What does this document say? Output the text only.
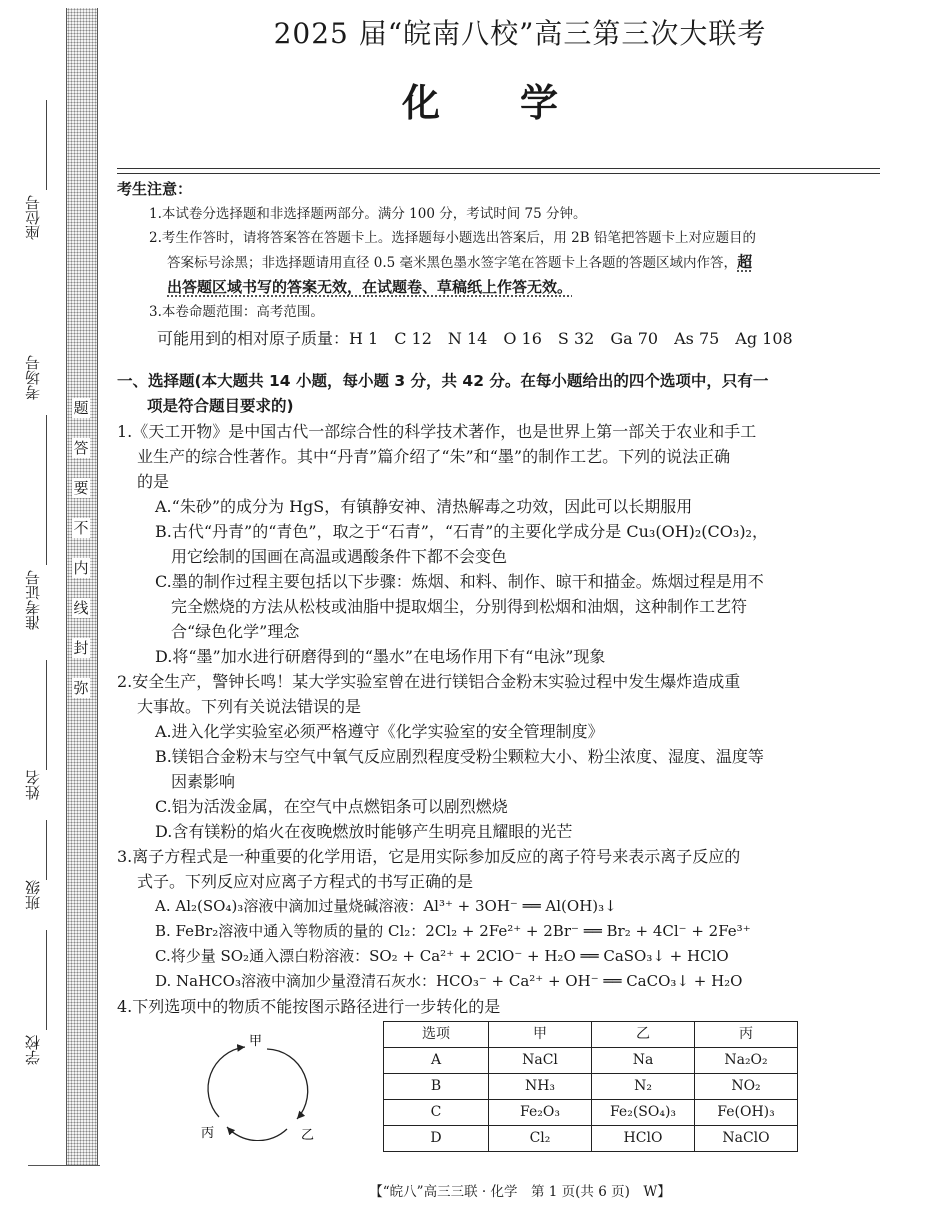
座位号
考场号
准考证号
姓名
班级
学校
题
答
要
不
内
线
封
弥
2025 届“皖南八校”高三第三次大联考
化学
考生注意：
1.本试卷分选择题和非选择题两部分。满分 100 分，考试时间 75 分钟。
2.考生作答时，请将答案答在答题卡上。选择题每小题选出答案后，用 2B 铅笔把答题卡上对应题目的
答案标号涂黑；非选择题请用直径 0.5 毫米黑色墨水签字笔在答题卡上各题的答题区域内作答，超
出答题区域书写的答案无效，在试题卷、草稿纸上作答无效。
3.本卷命题范围：高考范围。
可能用到的相对原子质量：H 1　C 12　N 14　O 16　S 32　Ga 70　As 75　Ag 108
一、选择题(本大题共 14 小题，每小题 3 分，共 42 分。在每小题给出的四个选项中，只有一
项是符合题目要求的)
1.《天工开物》是中国古代一部综合性的科学技术著作，也是世界上第一部关于农业和手工
业生产的综合性著作。其中“丹青”篇介绍了“朱”和“墨”的制作工艺。下列的说法正确
的是
A.“朱砂”的成分为 HgS，有镇静安神、清热解毒之功效，因此可以长期服用
B.古代“丹青”的“青色”，取之于“石青”，“石青”的主要化学成分是 Cu₃(OH)₂(CO₃)₂，
用它绘制的国画在高温或遇酸条件下都不会变色
C.墨的制作过程主要包括以下步骤：炼烟、和料、制作、晾干和描金。炼烟过程是用不
完全燃烧的方法从松枝或油脂中提取烟尘，分别得到松烟和油烟，这种制作工艺符
合“绿色化学”理念
D.将“墨”加水进行研磨得到的“墨水”在电场作用下有“电泳”现象
2.安全生产，警钟长鸣！某大学实验室曾在进行镁铝合金粉末实验过程中发生爆炸造成重
大事故。下列有关说法错误的是
A.进入化学实验室必须严格遵守《化学实验室的安全管理制度》
B.镁铝合金粉末与空气中氧气反应剧烈程度受粉尘颗粒大小、粉尘浓度、湿度、温度等
因素影响
C.铝为活泼金属，在空气中点燃铝条可以剧烈燃烧
D.含有镁粉的焰火在夜晚燃放时能够产生明亮且耀眼的光芒
3.离子方程式是一种重要的化学用语，它是用实际参加反应的离子符号来表示离子反应的
式子。下列反应对应离子方程式的书写正确的是
A. Al₂(SO₄)₃溶液中滴加过量烧碱溶液：Al³⁺ + 3OH⁻ ══ Al(OH)₃↓
B. FeBr₂溶液中通入等物质的量的 Cl₂：2Cl₂ + 2Fe²⁺ + 2Br⁻ ══ Br₂ + 4Cl⁻ + 2Fe³⁺
C.将少量 SO₂通入漂白粉溶液：SO₂ + Ca²⁺ + 2ClO⁻ + H₂O ══ CaSO₃↓ + HClO
D. NaHCO₃溶液中滴加少量澄清石灰水：HCO₃⁻ + Ca²⁺ + OH⁻ ══ CaCO₃↓ + H₂O
4.下列选项中的物质不能按图示路径进行一步转化的是
甲
乙
丙
选项	甲	乙	丙
A	NaCl	Na	Na₂O₂
B	NH₃	N₂	NO₂
C	Fe₂O₃	Fe₂(SO₄)₃	Fe(OH)₃
D	Cl₂	HClO	NaClO
【“皖八”高三三联 · 化学　第 1 页(共 6 页)　W】
